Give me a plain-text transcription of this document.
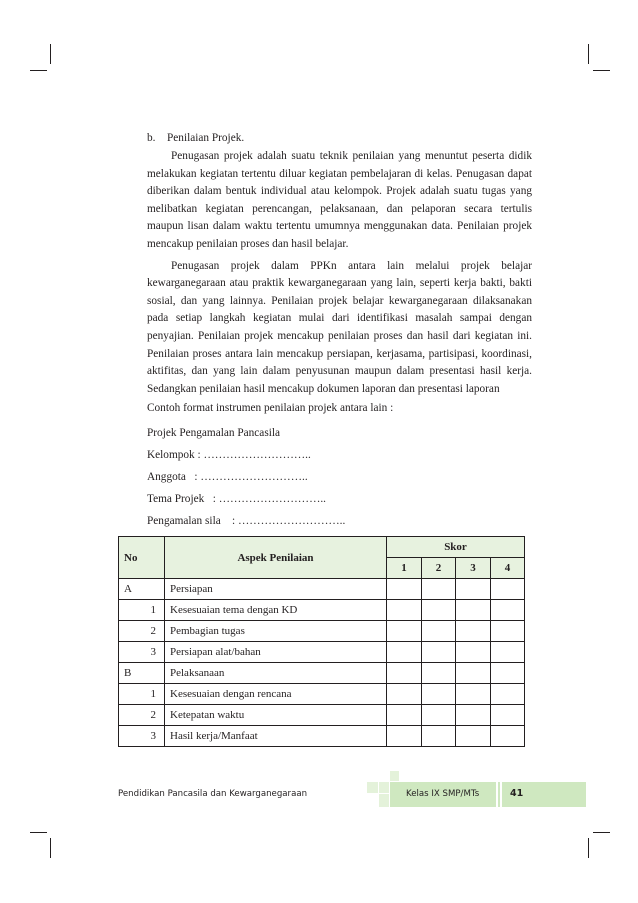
b.	Penilaian Projek.

Penugasan projek adalah suatu teknik penilaian yang menuntut peserta didik melakukan kegiatan tertentu diluar kegiatan pembelajaran di kelas. Penugasan dapat diberikan dalam bentuk individual atau kelompok. Projek adalah suatu tugas yang melibatkan kegiatan perencangan, pelaksanaan, dan pelaporan secara tertulis maupun lisan dalam waktu tertentu umumnya menggunakan data. Penilaian projek mencakup penilaian proses dan hasil belajar.

Penugasan projek dalam PPKn antara lain melalui projek belajar kewarganegaraan atau praktik kewarganegaraan yang lain, seperti kerja bakti, bakti sosial, dan yang lainnya. Penilaian projek belajar kewarganegaraan dilaksanakan pada setiap langkah kegiatan mulai dari identifikasi masalah sampai dengan penyajian. Penilaian projek mencakup penilaian proses dan hasil dari kegiatan ini. Penilaian proses antara lain mencakup persiapan, kerjasama, partisipasi, koordinasi, aktifitas, dan yang lain dalam penyusunan maupun dalam presentasi hasil kerja. Sedangkan penilaian hasil mencakup dokumen laporan dan presentasi laporan

Contoh format instrumen penilaian projek antara lain :

Projek Pengamalan Pancasila

Kelompok : ………………………..

Anggota   : ………………………..

Tema Projek   : ………………………..

Pengamalan sila    : ………………………..

No	Aspek Penilaian	Skor			
		1	2	3	4
A	Persiapan				
1	Kesesuaian tema dengan KD				
2	Pembagian tugas				
3	Persiapan alat/bahan				
B	Pelaksanaan				
1	Kesesuaian dengan rencana				
2	Ketepatan waktu				
3	Hasil kerja/Manfaat				
Pendidikan Pancasila dan Kewarganegaraan	Kelas IX SMP/MTs	41
